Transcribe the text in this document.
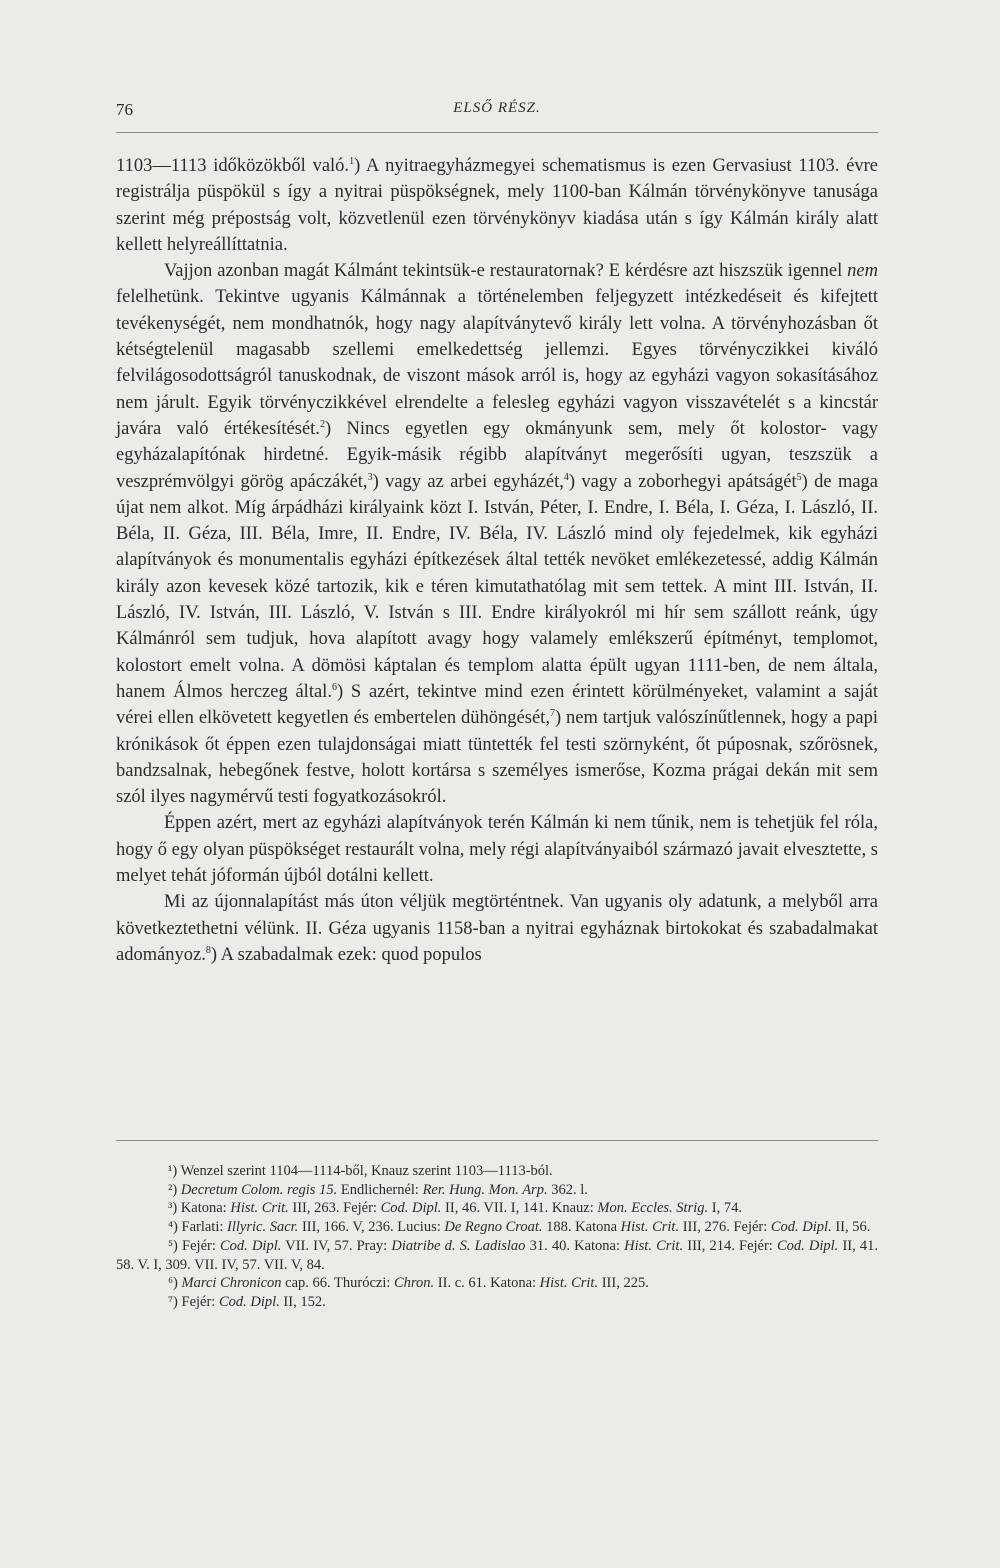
76	ELSŐ RÉSZ.

1103—1113 időközökből való.$^1$) A nyitraegyházmegyei schematismus is ezen Gervasiust 1103. évre registrálja püspökül s így a nyitrai püspökségnek, mely 1100-ban Kálmán törvénykönyve tanusága szerint még prépostság volt, közvetlenül ezen törvénykönyv kiadása után s így Kálmán király alatt kellett helyreállíttatnia.

Vajjon azonban magát Kálmánt tekintsük-e restauratornak? E kérdésre azt hiszszük igennel nem felelhetünk. Tekintve ugyanis Kálmánnak a történelemben feljegyzett intézkedéseit és kifejtett tevékenységét, nem mondhatnók, hogy nagy alapítványtevő király lett volna. A törvényhozásban őt kétségtelenül magasabb szellemi emelkedettség jellemzi. Egyes törvényczikkei kiváló felvilágosodottságról tanuskodnak, de viszont mások arról is, hogy az egyházi vagyon sokasításához nem járult. Egyik törvényczikkével elrendelte a felesleg egyházi vagyon visszavételét s a kincstár javára való értékesítését.$^2$) Nincs egyetlen egy okmányunk sem, mely őt kolostor- vagy egyházalapítónak hirdetné. Egyik-másik régibb alapítványt megerősíti ugyan, teszszük a veszprémvölgyi görög apáczákét,$^3$) vagy az arbei egyházét,$^4$) vagy a zoborhegyi apátságét$^5$) de maga újat nem alkot. Míg árpádházi királyaink közt I. István, Péter, I. Endre, I. Béla, I. Géza, I. László, II. Béla, II. Géza, III. Béla, Imre, II. Endre, IV. Béla, IV. László mind oly fejedelmek, kik egyházi alapítványok és monumentalis egyházi építkezések által tették nevöket emlékezetessé, addig Kálmán király azon kevesek közé tartozik, kik e téren kimutathatólag mit sem tettek. A mint III. István, II. László, IV. István, III. László, V. István s III. Endre királyokról mi hír sem szállott reánk, úgy Kálmánról sem tudjuk, hova alapított avagy hogy valamely emlékszerű építményt, templomot, kolostort emelt volna. A dömösi káptalan és templom alatta épült ugyan 1111-ben, de nem általa, hanem Álmos herczeg által.$^6$) S azért, tekintve mind ezen érintett körülményeket, valamint a saját vérei ellen elkövetett kegyetlen és embertelen dühöngését,$^7$) nem tartjuk valószínűtlennek, hogy a papi krónikások őt éppen ezen tulajdonságai miatt tüntették fel testi szörnyként, őt púposnak, szőrösnek, bandzsalnak, hebegőnek festve, holott kortársa s személyes ismerőse, Kozma prágai dekán mit sem szól ilyes nagymérvű testi fogyatkozásokról.

Éppen azért, mert az egyházi alapítványok terén Kálmán ki nem tűnik, nem is tehetjük fel róla, hogy ő egy olyan püspökséget restaurált volna, mely régi alapítványaiból származó javait elvesztette, s melyet tehát jóformán újból dotálni kellett.

Mi az újonnalapítást más úton véljük megtörténtnek. Van ugyanis oly adatunk, a melyből arra következtethetni vélünk. II. Géza ugyanis 1158-ban a nyitrai egyháznak birtokokat és szabadalmakat adományoz.$^8$) A szabadalmak ezek: quod populos

¹) Wenzel szerint 1104—1114-ből, Knauz szerint 1103—1113-ból.

²) Decretum Colom. regis 15. Endlichernél: Rer. Hung. Mon. Arp. 362. l.

³) Katona: Hist. Crit. III, 263. Fejér: Cod. Dipl. II, 46. VII. I, 141. Knauz: Mon. Eccles. Strig. I, 74.

⁴) Farlati: Illyric. Sacr. III, 166. V, 236. Lucius: De Regno Croat. 188. Katona Hist. Crit. III, 276. Fejér: Cod. Dipl. II, 56.

⁵) Fejér: Cod. Dipl. VII. IV, 57. Pray: Diatribe d. S. Ladislao 31. 40. Katona: Hist. Crit. III, 214. Fejér: Cod. Dipl. II, 41. 58. V. I, 309. VII. IV, 57. VII. V, 84.

⁶) Marci Chronicon cap. 66. Thuróczi: Chron. II. c. 61. Katona: Hist. Crit. III, 225.

⁷) Fejér: Cod. Dipl. II, 152.
